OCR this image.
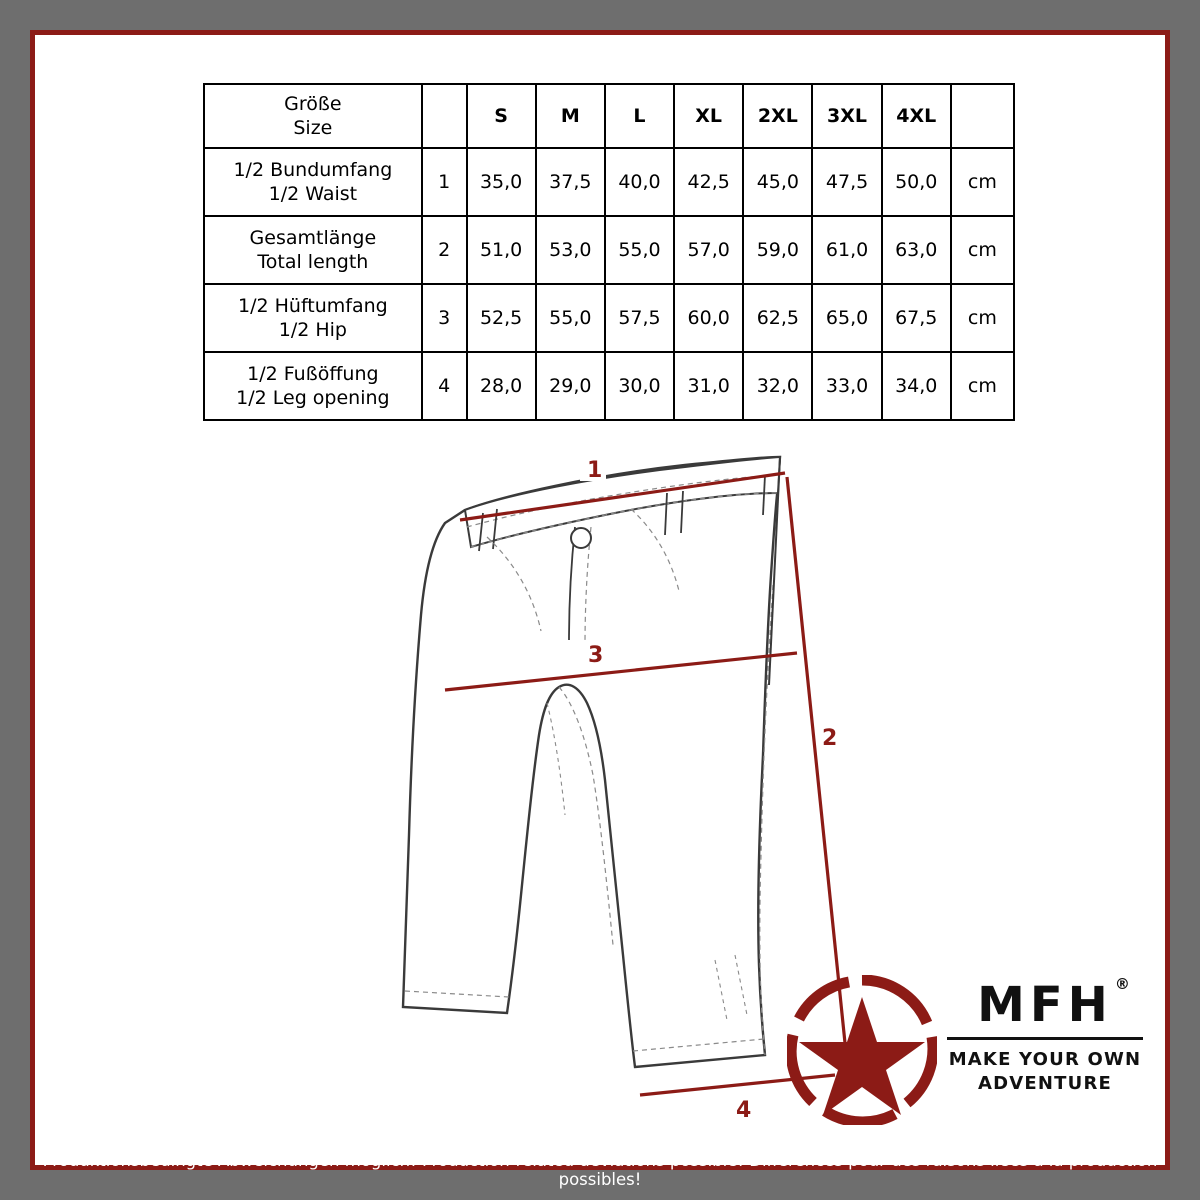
Größe
Size		S	M	L	XL	2XL	3XL	4XL	

1/2 Bundumfang
1/2 Waist	1	35,0	37,5	40,0	42,5	45,0	47,5	50,0	cm

Gesamtlänge
Total length	2	51,0	53,0	55,0	57,0	59,0	61,0	63,0	cm

1/2 Hüftumfang
1/2 Hip	3	52,5	55,0	57,5	60,0	62,5	65,0	67,5	cm

1/2 Fußöffung
1/2 Leg opening	4	28,0	29,0	30,0	31,0	32,0	33,0	34,0	cm
1
2
3
4
MFH ®
MAKE YOUR OWN
ADVENTURE
Produktionsbedingte Abweichungen möglich! Production-related deviations possible! Différences pour des raisons liées à la production possibles!
